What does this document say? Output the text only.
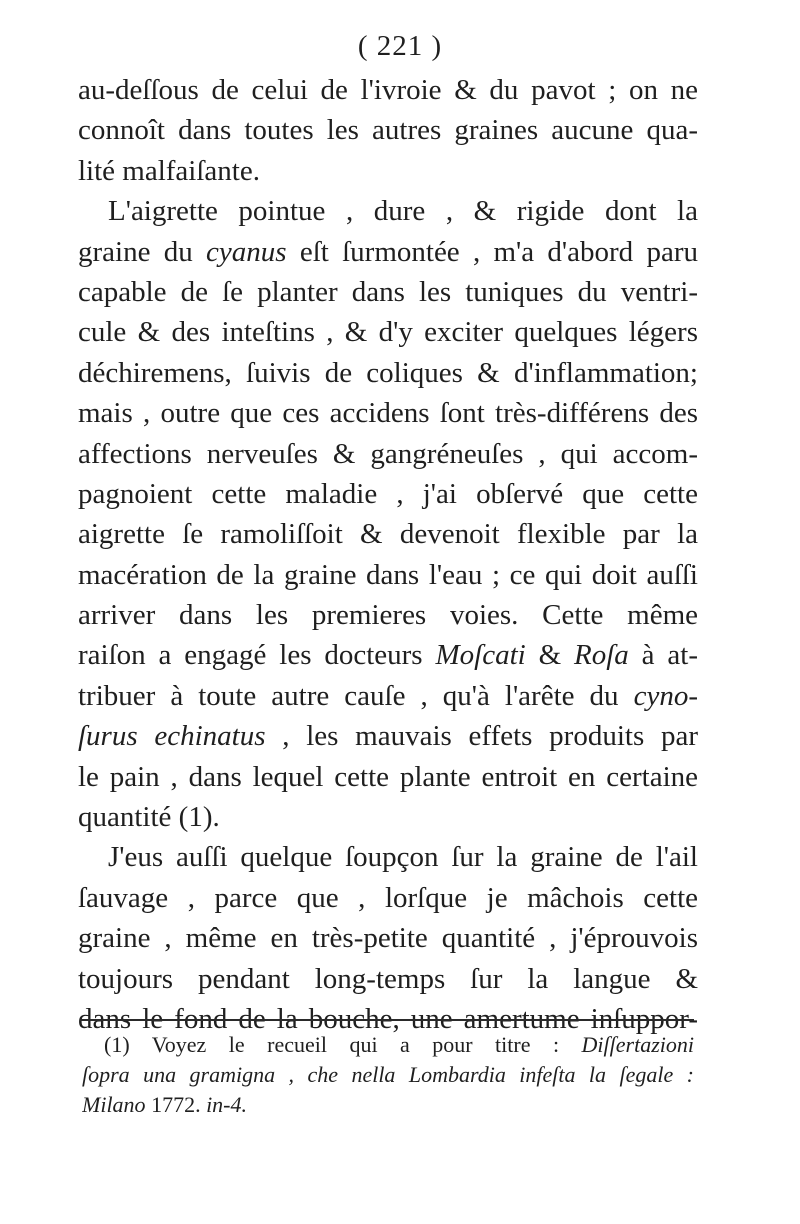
( 221 )
au-deſſous de celui de l'ivroie & du pavot ; on ne
connoît dans toutes les autres graines aucune qua-
lité malfaiſante.
L'aigrette pointue , dure , & rigide dont la
graine du cyanus eſt ſurmontée , m'a d'abord paru
capable de ſe planter dans les tuniques du ventri-
cule & des inteſtins , & d'y exciter quelques légers
déchiremens, ſuivis de coliques & d'inflammation;
mais , outre que ces accidens ſont très-différens des
affections nerveuſes & gangréneuſes , qui accom-
pagnoient cette maladie , j'ai obſervé que cette
aigrette ſe ramoliſſoit & devenoit flexible par la
macération de la graine dans l'eau ; ce qui doit auſſi
arriver dans les premieres voies. Cette même
raiſon a engagé les docteurs Moſcati & Roſa à at-
tribuer à toute autre cauſe , qu'à l'arête du cyno-
ſurus echinatus , les mauvais effets produits par
le pain , dans lequel cette plante entroit en certaine
quantité (1).
J'eus auſſi quelque ſoupçon ſur la graine de l'ail
ſauvage , parce que , lorſque je mâchois cette
graine , même en très-petite quantité , j'éprouvois
toujours pendant long-temps ſur la langue &
dans le fond de la bouche, une amertume inſuppor-
(1) Voyez le recueil qui a pour titre : Diſſertazioni
ſopra una gramigna , che nella Lombardia infeſta la ſegale :
Milano 1772. in-4.
